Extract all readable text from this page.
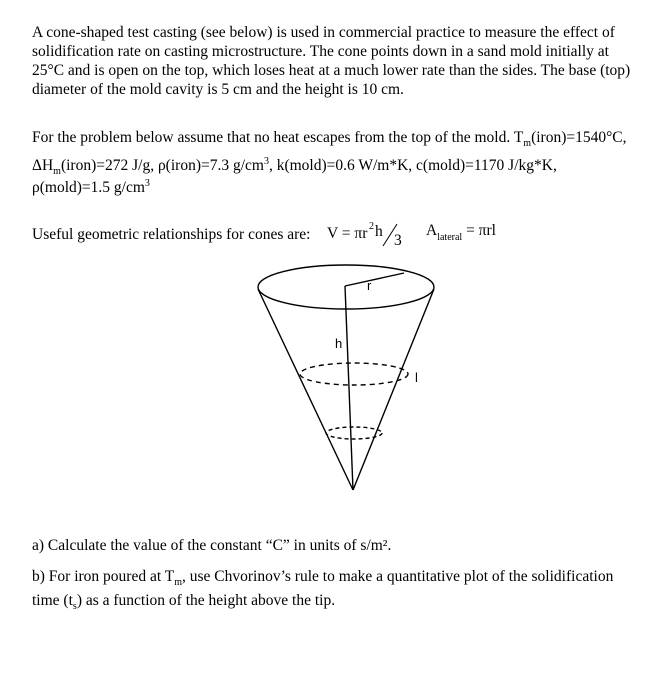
A cone-shaped test casting (see below) is used in commercial practice to measure the effect of

solidification rate on casting microstructure. The cone points down in a sand mold initially at

25°C and is open on the top, which loses heat at a much lower rate than the sides. The base (top)

diameter of the mold cavity is 5 cm and the height is 10 cm.

For the problem below assume that no heat escapes from the top of the mold. $T_m(iron)=1540^\circ C$,

$\Delta H_m(iron)=272$ J/g, ρ(iron)=7.3 $g/cm^3$, k(mold)=0.6 W/m*K, c(mold)=1170 J/kg*K,

ρ(mold)=1.5 $g/cm^3$

Useful geometric relationships for cones are: V = πr 2 h
3
$A_{lateral} = \pi rl$
r
h
l

a) Calculate the value of the constant “C” in units of s/m².

b) For iron poured at $T_m$, use Chvorinov’s rule to make a quantitative plot of the solidification

time $(t_s)$ as a function of the height above the tip.
